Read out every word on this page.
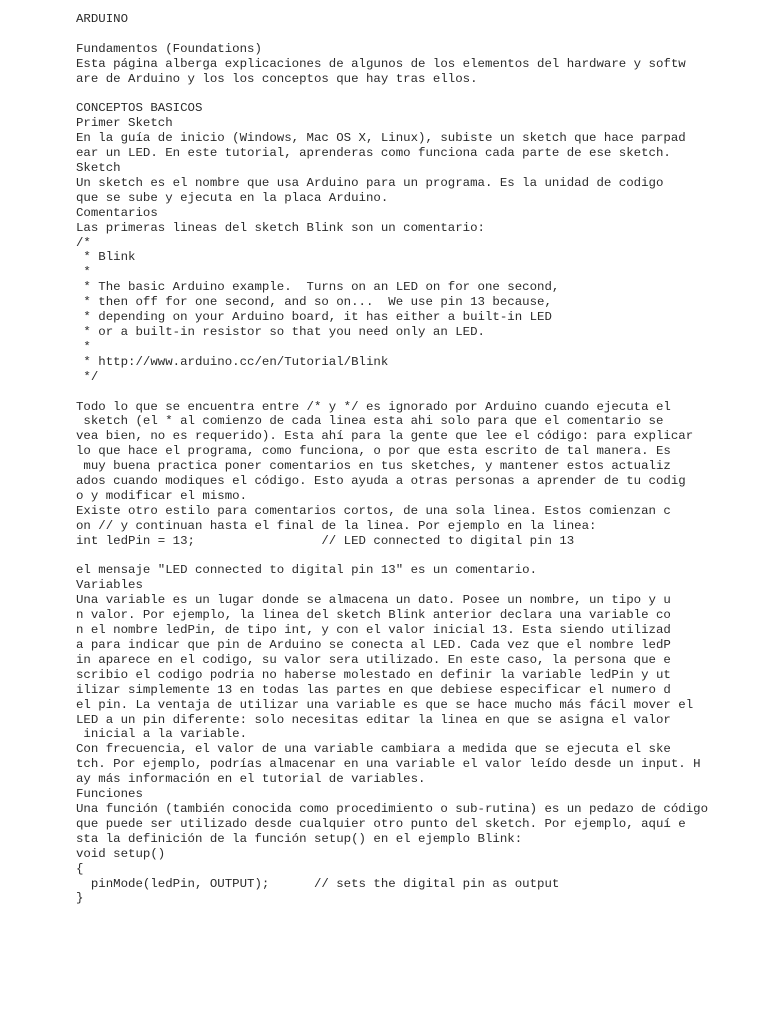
ARDUINO
Fundamentos (Foundations)
Esta página alberga explicaciones de algunos de los elementos del hardware y softw
are de Arduino y los los conceptos que hay tras ellos.
CONCEPTOS BASICOS
Primer Sketch
En la guía de inicio (Windows, Mac OS X, Linux), subiste un sketch que hace parpad
ear un LED. En este tutorial, aprenderas como funciona cada parte de ese sketch.
Sketch
Un sketch es el nombre que usa Arduino para un programa. Es la unidad de codigo
que se sube y ejecuta en la placa Arduino.
Comentarios
Las primeras lineas del sketch Blink son un comentario:
/*
* Blink
*
* The basic Arduino example.  Turns on an LED on for one second,
* then off for one second, and so on...  We use pin 13 because,
* depending on your Arduino board, it has either a built-in LED
* or a built-in resistor so that you need only an LED.
*
* http://www.arduino.cc/en/Tutorial/Blink
*/
Todo lo que se encuentra entre /* y */ es ignorado por Arduino cuando ejecuta el
sketch (el * al comienzo de cada linea esta ahi solo para que el comentario se
vea bien, no es requerido). Esta ahí para la gente que lee el código: para explicar
lo que hace el programa, como funciona, o por que esta escrito de tal manera. Es
muy buena practica poner comentarios en tus sketches, y mantener estos actualiz
ados cuando modiques el código. Esto ayuda a otras personas a aprender de tu codig
o y modificar el mismo.
Existe otro estilo para comentarios cortos, de una sola linea. Estos comienzan c
on // y continuan hasta el final de la linea. Por ejemplo en la linea:
int ledPin = 13;                 // LED connected to digital pin 13
el mensaje "LED connected to digital pin 13" es un comentario.
Variables
Una variable es un lugar donde se almacena un dato. Posee un nombre, un tipo y u
n valor. Por ejemplo, la linea del sketch Blink anterior declara una variable co
n el nombre ledPin, de tipo int, y con el valor inicial 13. Esta siendo utilizad
a para indicar que pin de Arduino se conecta al LED. Cada vez que el nombre ledP
in aparece en el codigo, su valor sera utilizado. En este caso, la persona que e
scribio el codigo podria no haberse molestado en definir la variable ledPin y ut
ilizar simplemente 13 en todas las partes en que debiese especificar el numero d
el pin. La ventaja de utilizar una variable es que se hace mucho más fácil mover el
LED a un pin diferente: solo necesitas editar la linea en que se asigna el valor
inicial a la variable.
Con frecuencia, el valor de una variable cambiara a medida que se ejecuta el ske
tch. Por ejemplo, podrías almacenar en una variable el valor leído desde un input. H
ay más información en el tutorial de variables.
Funciones
Una función (también conocida como procedimiento o sub-rutina) es un pedazo de código
que puede ser utilizado desde cualquier otro punto del sketch. Por ejemplo, aquí e
sta la definición de la función setup() en el ejemplo Blink:
void setup()
{
pinMode(ledPin, OUTPUT);      // sets the digital pin as output
}
